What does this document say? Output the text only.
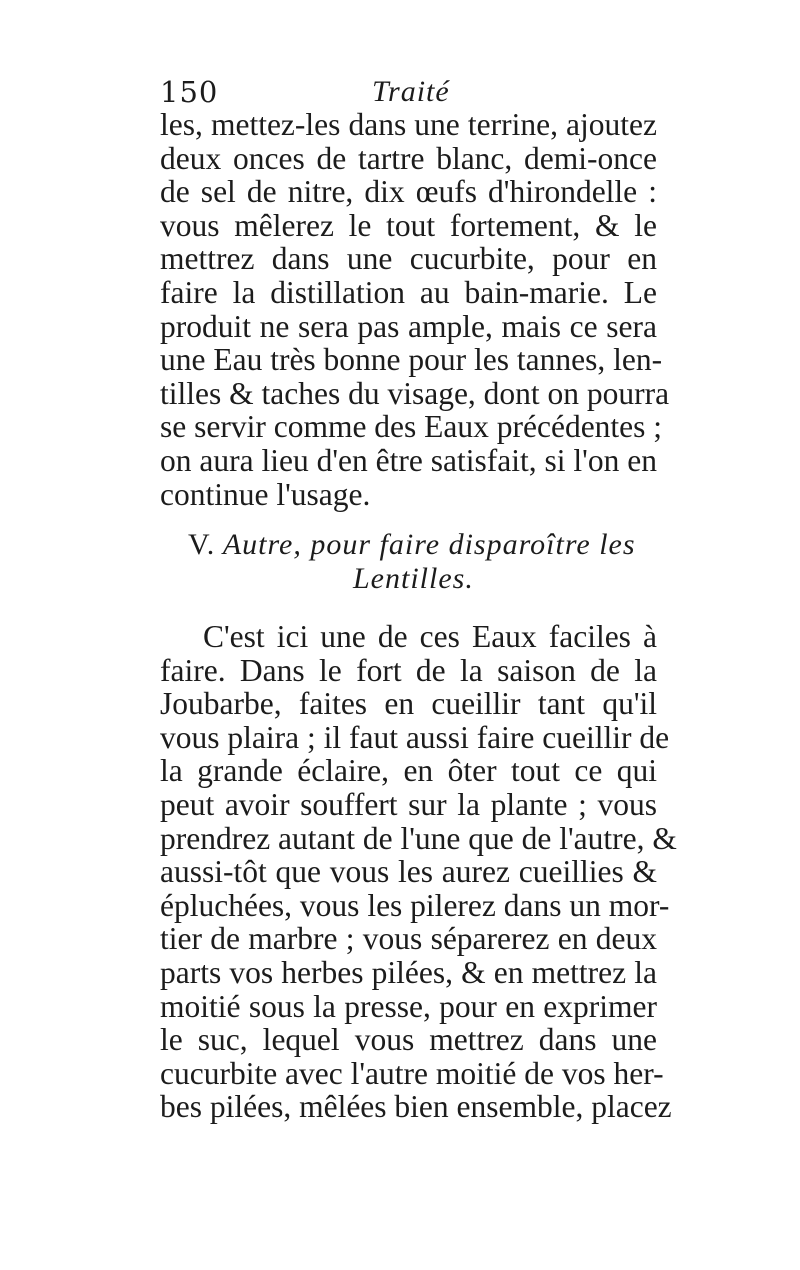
150	Traité
les, mettez-les dans une terrine, ajoutez
deux onces de tartre blanc, demi-once
de sel de nitre, dix œufs d'hirondelle :
vous mêlerez le tout fortement, & le
mettrez dans une cucurbite, pour en
faire la distillation au bain-marie. Le
produit ne sera pas ample, mais ce sera
une Eau très bonne pour les tannes, len-
tilles & taches du visage, dont on pourra
se servir comme des Eaux précédentes ;
on aura lieu d'en être satisfait, si l'on en
continue l'usage.
V. Autre, pour faire disparoître les
Lentilles.
C'est ici une de ces Eaux faciles à
faire. Dans le fort de la saison de la
Joubarbe, faites en cueillir tant qu'il
vous plaira ; il faut aussi faire cueillir de
la grande éclaire, en ôter tout ce qui
peut avoir souffert sur la plante ; vous
prendrez autant de l'une que de l'autre, &
aussi-tôt que vous les aurez cueillies &
épluchées, vous les pilerez dans un mor-
tier de marbre ; vous séparerez en deux
parts vos herbes pilées, & en mettrez la
moitié sous la presse, pour en exprimer
le suc, lequel vous mettrez dans une
cucurbite avec l'autre moitié de vos her-
bes pilées, mêlées bien ensemble, placez
